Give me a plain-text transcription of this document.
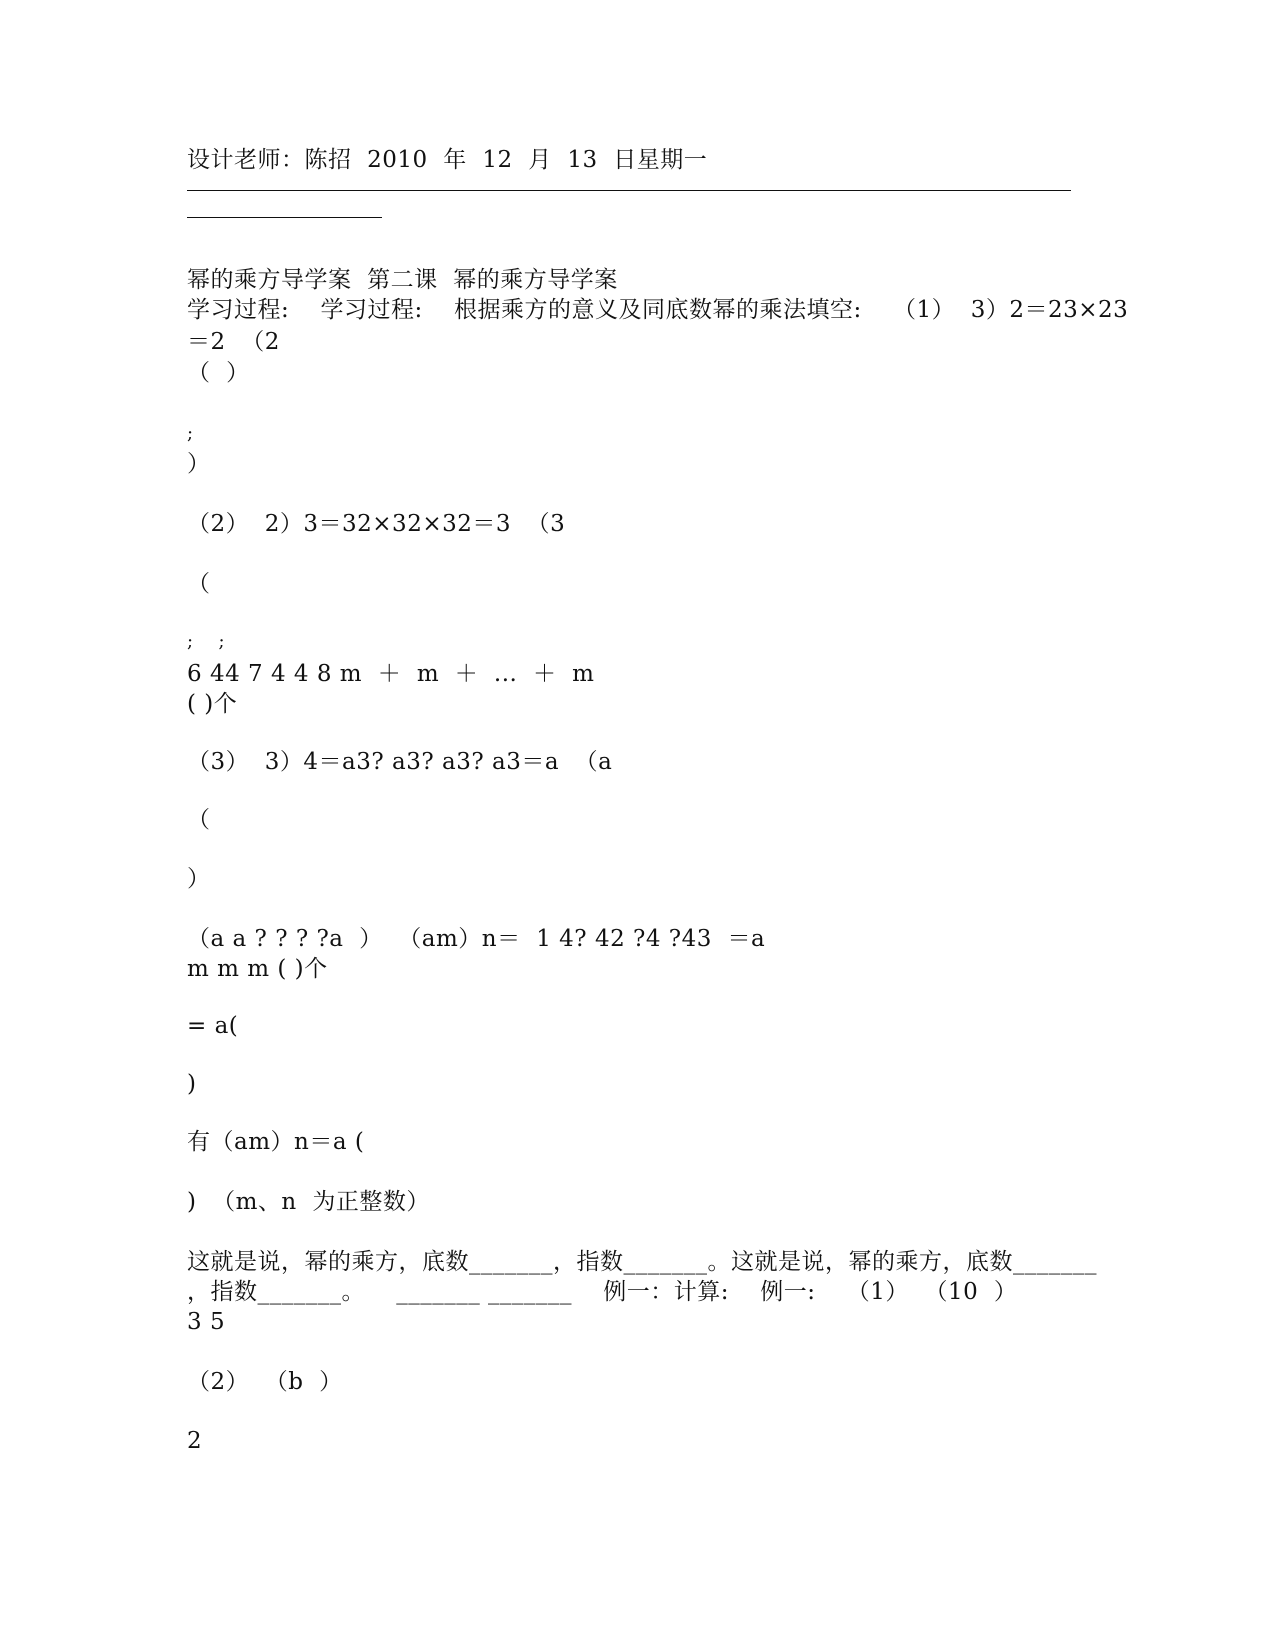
设计老师：陈招  2010  年  12  月  13  日星期一
幂的乘方导学案  第二课  幂的乘方导学案
学习过程:    学习过程:    根据乘方的意义及同底数幂的乘法填空:    （1）  3）2＝23×23
＝2  （2
（  ）
;
）
（2）  2）3＝32×32×32＝3  （3
（
;    ;
6 44 7 4 4 8 m  ＋  m  ＋  ...  ＋  m
( )个
（3）  3）4＝a3? a3? a3? a3＝a  （a
（
）
（a a ? ? ? ?a  ）  （am）n＝  1 4? 42 ?4 ?43  ＝a
m m m ( )个
= a(
)
有（am）n＝a (
)  （m、n  为正整数）
这就是说，幂的乘方，底数_______，指数_______。这就是说，幂的乘方，底数_______
，指数_______。    _______ _______    例一：计算:    例一:    （1）  （10  ）
3 5
（2）  （b  ）
2
